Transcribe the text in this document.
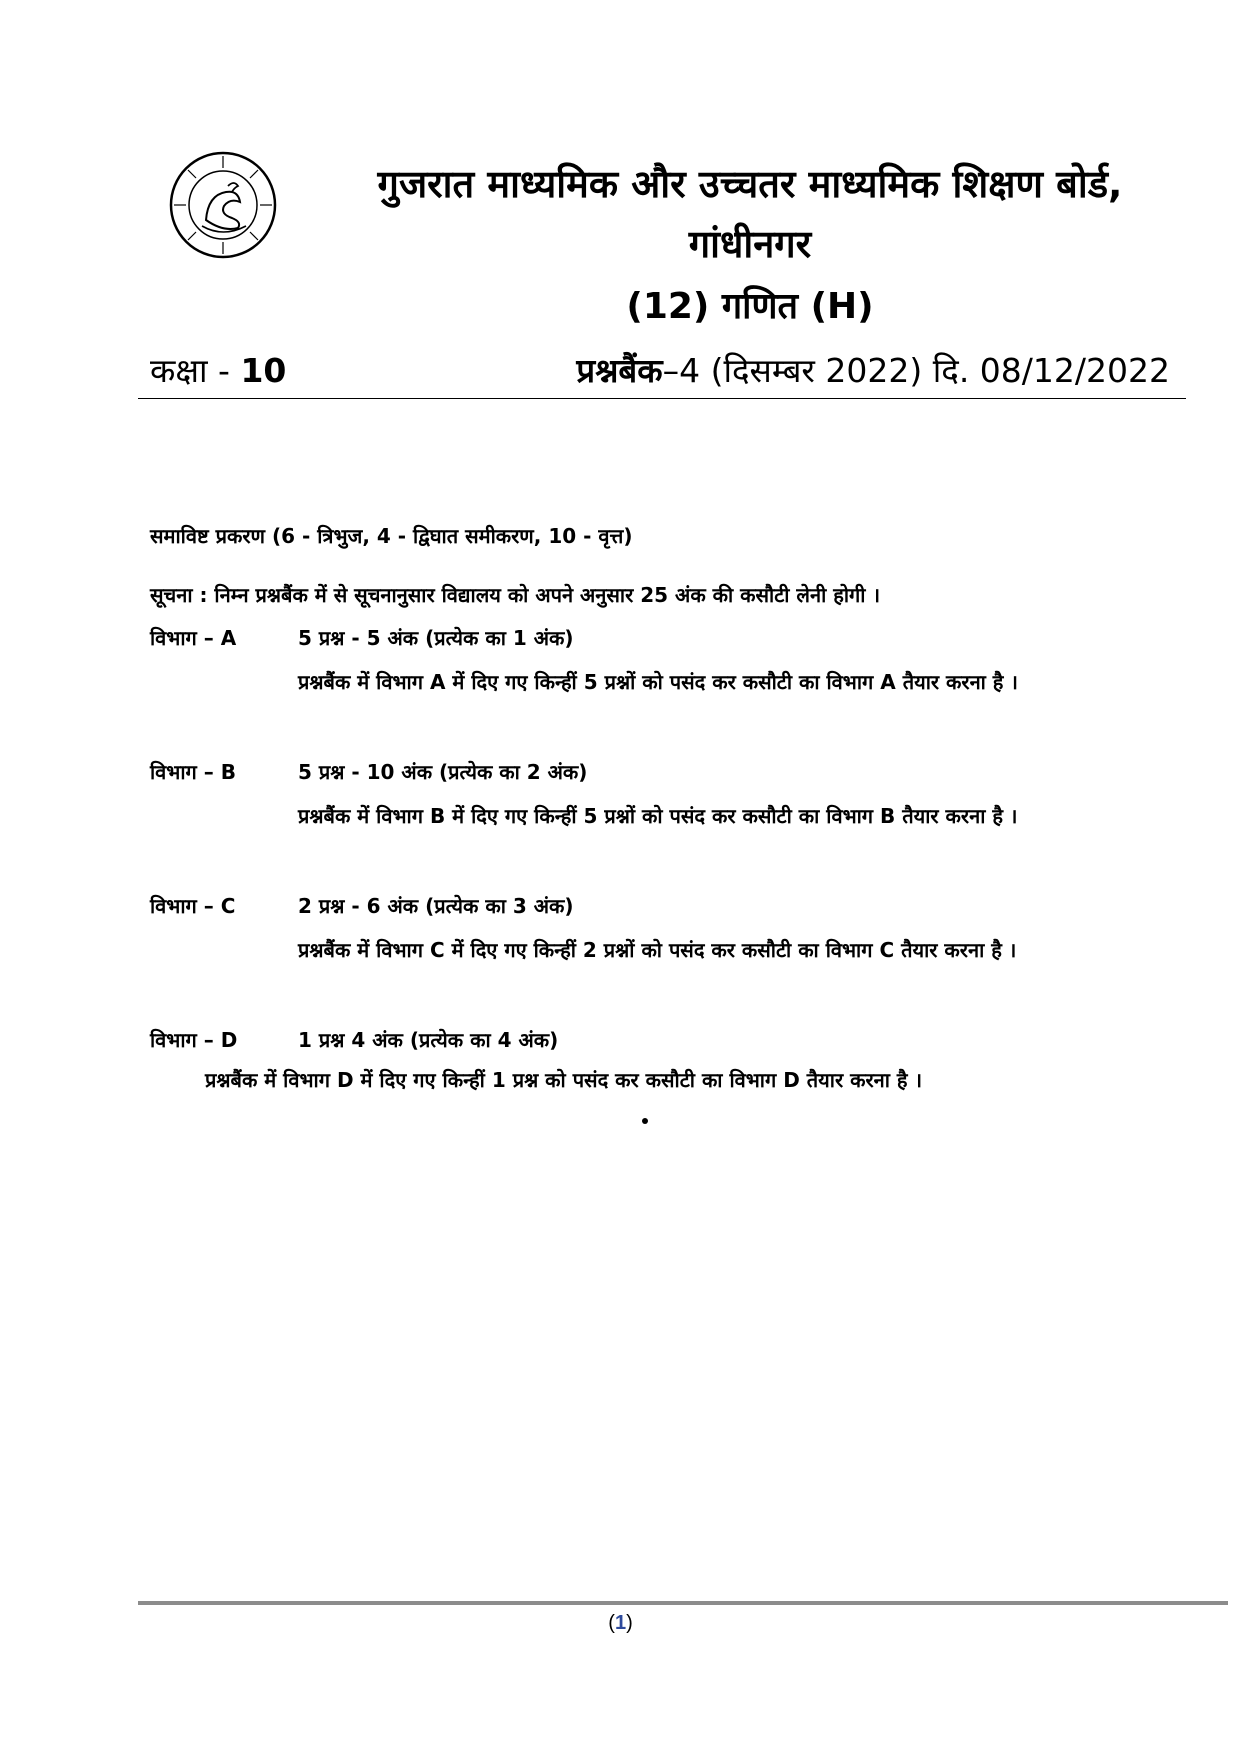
गुजरात माध्यमिक और उच्चतर माध्यमिक शिक्षण बोर्ड,
गांधीनगर
(12) गणित (H)
कक्षा - 10	प्रश्नबैंक–4 (दिसम्बर 2022) दि. 08/12/2022
समाविष्ट प्रकरण (6 - त्रिभुज, 4 - द्विघात समीकरण, 10 - वृत्त)
सूचना : निम्न प्रश्नबैंक में से सूचनानुसार विद्यालय को अपने अनुसार 25 अंक की कसौटी लेनी होगी ।
विभाग – A	5 प्रश्न - 5 अंक (प्रत्येक का 1 अंक)
प्रश्नबैंक में विभाग A में दिए गए किन्हीं 5 प्रश्नों को पसंद कर कसौटी का विभाग A तैयार करना है ।
विभाग – B	5 प्रश्न - 10 अंक (प्रत्येक का 2 अंक)
प्रश्नबैंक में विभाग B में दिए गए किन्हीं 5 प्रश्नों को पसंद कर कसौटी का विभाग B तैयार करना है ।
विभाग – C	2 प्रश्न - 6 अंक (प्रत्येक का 3 अंक)
प्रश्नबैंक में विभाग C में दिए गए किन्हीं 2 प्रश्नों को पसंद कर कसौटी का विभाग C तैयार करना है ।
विभाग – D	1 प्रश्न 4 अंक (प्रत्येक का 4 अंक)
प्रश्नबैंक में विभाग D में दिए गए किन्हीं 1 प्रश्न को पसंद कर कसौटी का विभाग D तैयार करना है ।
(1)
